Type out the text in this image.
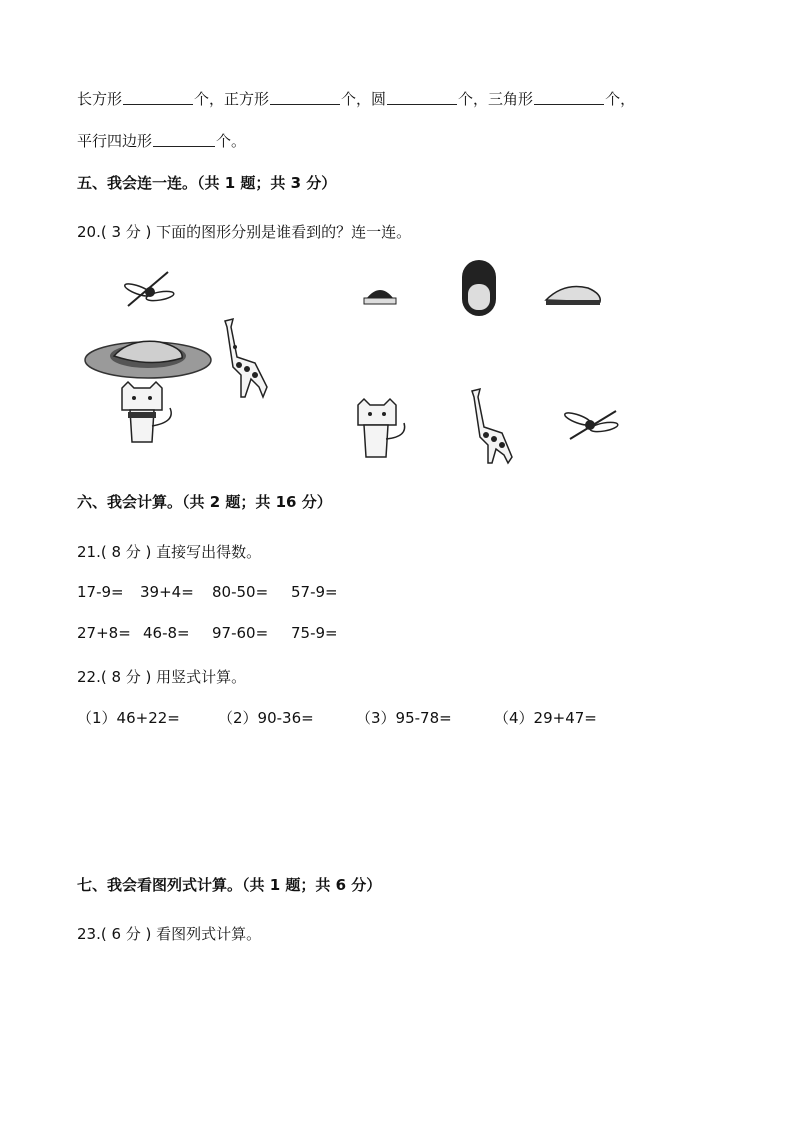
长方形	个，正方形	个，圆	个，三角形	个，
平行四边形	个。
五、我会连一连。（共 1 题；共 3 分）
20.( 3 分 ) 下面的图形分别是谁看到的？连一连。
六、我会计算。（共 2 题；共 16 分）
21.( 8 分 ) 直接写出得数。
17-9= 39+4= 80-50= 57-9=
27+8= 46-8= 97-60= 75-9=
22.( 8 分 ) 用竖式计算。
（1）46+22=	（2）90-36=	（3）95-78=	（4）29+47=
七、我会看图列式计算。（共 1 题；共 6 分）
23.( 6 分 ) 看图列式计算。
